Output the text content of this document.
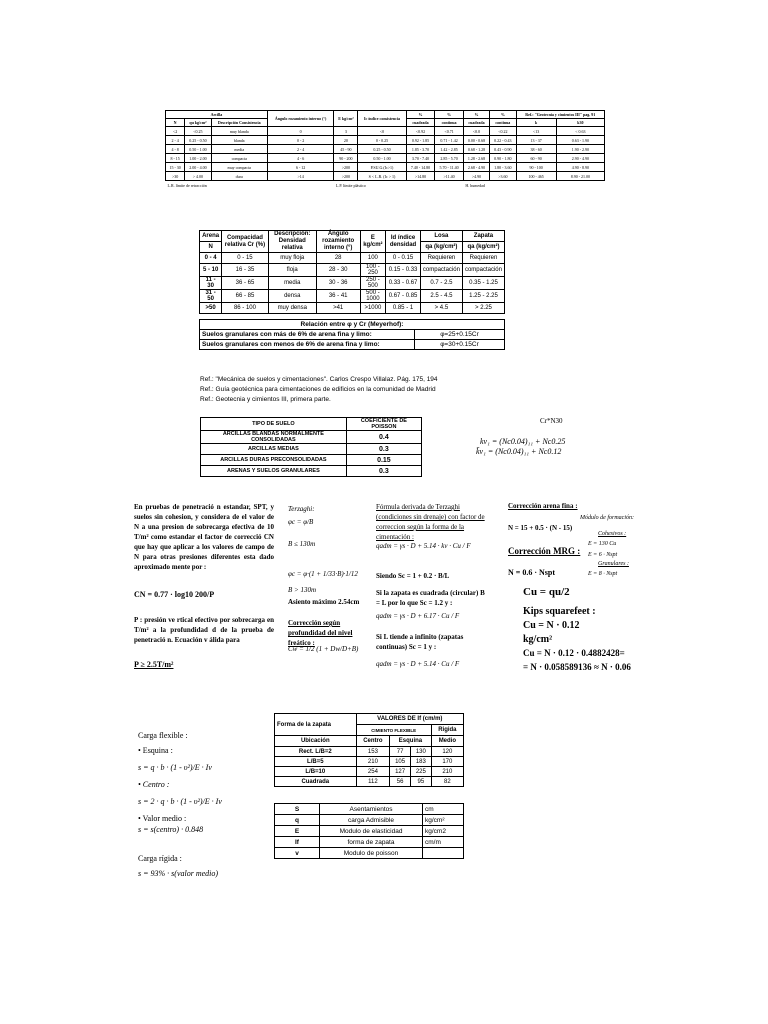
Arcilla			Ángulo rozamiento interno (°)	E kg/cm²	Ic índice consistencia	%	%	%	%	Ref.: "Geotecnia y cimientos III" pag. 91	
N	qu kg/cm²	Descripción Consistencia				cuadrada	continua	cuadrada	continua	k	k30
<2	<0.25	muy blanda	0	3	<0	<0.92	<0.71	<0.0	<0.22	<13	< 0.63
2 - 4	0.25 - 0.50	blanda	0 - 2	20	0 - 0.25	0.92 - 1.85	0.71 - 1.42	0.00 - 0.68	0.22 - 0.43	13 - 37	0.63 - 1.90
4 - 8	0.50 - 1.00	media	2 - 4	45 - 90	0.25 - 0.50	1.85 - 3.70	1.42 - 2.85	0.68 - 1.28	0.43 - 0.90	38 - 60	1.90 - 2.90
8 - 15	1.00 - 2.00	compacta	4 - 6	90 - 200	0.50 - 1.00	3.70 - 7.40	2.85 - 5.70	1.28 - 2.68	0.90 - 1.80	60 - 90	2.90 - 4.90
15 - 30	2.00 - 4.00	muy compacta	6 - 12	>200	P.SU.G.(Ic>1)	7.40 - 14.80	5.70 - 11.40	2.68 - 4.90	1.80 - 3.60	90 - 100	4.90 - 8.90
>30	> 4.00	dura	>14	>200	S < L.R. (Ic > 1)	>14.80	>11.40	>4.90	>3.60	100 - 465	8.90 - 21.00
L.R. límite de retracción				L.P. límite plástico				H. humedad			
Arena	Compacidad relativa Cr (%)	Descripción: Densidad relativa	Ángulo rozamiento interno (°)	E kg/cm²	Id índice densidad	Losa	Zapata
N						qa (kg/cm²)	qa (kg/cm²)
0 - 4	0 - 15	muy floja	28	100	0 - 0.15	Requieren	Requieren
5 - 10	16 - 35	floja	28 - 30	100 - 250	0.15 - 0.33	compactación	compactación
11 - 30	36 - 65	media	30 - 36	250 - 500	0.33 - 0.67	0.7 - 2.5	0.35 - 1.25
31 - 50	66 - 85	densa	36 - 41	500 - 1000	0.67 - 0.85	2.5 - 4.5	1.25 - 2.25
>50	86 - 100	muy densa	>41	>1000	0.85 - 1	> 4.5	> 2.25
Relación entre φ y Cr (Meyerhof):	
Suelos granulares con más de 6% de arena fina y limo:	φ=25+0.15Cr
Suelos granulares con menos de 6% de arena fina y limo:	φ=30+0.15Cr
Ref.: "Mecánica de suelos y cimentaciones". Carlos Crespo Villalaz. Pág. 175, 194
Ref.: Guía geotécnica para cimentaciones de edificios en la comunidad de Madrid
Ref.: Geotecnia y cimientos III, primera parte.
TIPO DE SUELO	COEFICIENTE DE POISSON
ARCILLAS BLANDAS NORMALMENTE CONSOLIDADAS	0.4
ARCILLAS MEDIAS	0.3
ARCILLAS DURAS PRECONSOLIDADAS	0.15
ARENAS Y SUELOS GRANULARES	0.3
Cr*N30
kv₁ = (Nc0.04)₁₁ + Nc0.25
k̄v₁ = (Nc0.04)₁₁ + Nc0.12
En pruebas de penetració n estandar, SPT, y suelos sin cohesion, y considera de el valor de N a una presion de sobrecarga efectiva de 10 T/m² como estandar el factor de correcció CN que hay que aplicar a los valores de campo de N para otras presiones diferentes esta dado aproximado mente por :
CN = 0.77 · log10 200/P
P : presión ve rtical efectivo por sobrecarga en T/m² a la profundidad d de la prueba de penetració n. Ecuación v álida para
P ≥ 2.5T/m²
Terzaghi:
φc = φ/B
B ≤ 130m
φc = φ·(1 + 1/33·B)·1/12
B > 130m
Asiento máximo 2.54cm
Corrección según profundidad del nivel freático :
Cw = 1/2 (1 + Dw/D+B)
Fórmula derivada de Terzaghi (condiciones sin drenaje) con factor de correccion según la forma de la cimentación :
qadm = γs · D + 5.14 · kv · Cu / F
Siendo Sc = 1 + 0.2 · B/L
Si la zapata es cuadrada (circular) B = L por lo que Sc = 1.2 y :
qadm = γs · D + 6.17 · Cu / F
Si L tiende a infinito (zapatas continuas) Sc = 1 y :
qadm = γs · D + 5.14 · Cu / F
Corrección arena fina :
Módulo de formación:
N = 15 + 0.5 · (N - 15)
Cohesivos :
E = 130 Cu
Corrección MRG : E = 6 · Nspt
Granulares :
N = 0.6 · Nspt	E = 8 · Nspt
Cu = qu/2
Kips squarefeet :
Cu = N · 0.12
kg/cm²
Cu = N · 0.12 · 0.4882428=
= N · 0.058589136 ≈ N · 0.06
Carga flexible :
• Esquina :
s = q · b · (1 - υ²)/E · Iv
• Centro :
s = 2 · q · b · (1 - υ²)/E · Iv
• Valor medio :
s = s(centro) · 0.848
Carga rígida :
s = 93% · s(valor medio)
Forma de la zapata	VALORES DE If (cm/m)			
	CIMIENTO FLEXIBLE			Rigida
Ubicación	Centro	Esquina		Medio
Rect. L/B=2	153	77	130	120
L/B=5	210	105	183	170
L/B=10	254	127	225	210
Cuadrada	112	56	95	82
S	Asentamientos	cm
q	carga Admisible	kg/cm²
E	Modulo de elasticidad	kg/cm2
If	forma de zapata	cm/m
v	Modulo de poisson	
